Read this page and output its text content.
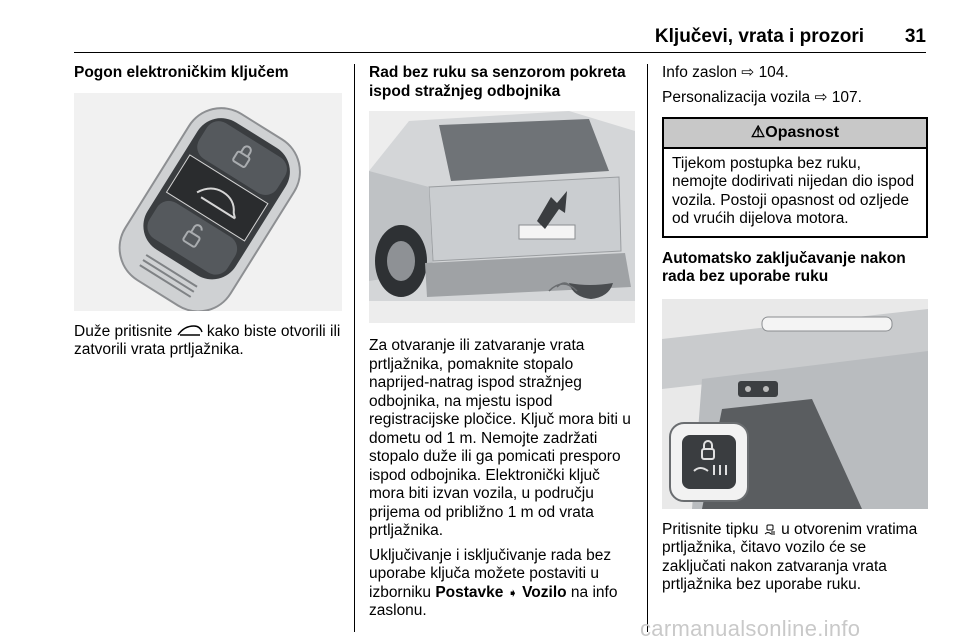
Ključevi, vrata i prozori 31
Pogon elektroničkim ključem

Duže pritisnite  kako biste otvorili ili zatvorili vrata prtljažnika.

Rad bez ruku sa senzorom pokreta ispod stražnjeg odbojnika

Za otvaranje ili zatvaranje vrata prtljažnika, pomaknite stopalo naprijed-natrag ispod stražnjeg odbojnika, na mjestu ispod registracijske pločice. Ključ mora biti u dometu od 1 m. Nemojte zadržati stopalo duže ili ga pomicati presporo ispod odbojnika. Elektronički ključ mora biti izvan vozila, u području prijema od približno 1 m od vrata prtljažnika.

Uključivanje i isključivanje rada bez uporabe ključa možete postaviti u izborniku Postavke ➧ Vozilo na info zaslonu.

Info zaslon ⇨ 104.

Personalizacija vozila ⇨ 107.

⚠Opasnost
Tijekom postupka bez ruku, nemojte dodirivati nijedan dio ispod vozila. Postoji opasnost od ozljede od vrućih dijelova motora.
Automatsko zaključavanje nakon rada bez uporabe ruku

Pritisnite tipku  u otvorenim vratima prtljažnika, čitavo vozilo će se zaključati nakon zatvaranja vrata prtljažnika bez uporabe ruku.

carmanualsonline.info
